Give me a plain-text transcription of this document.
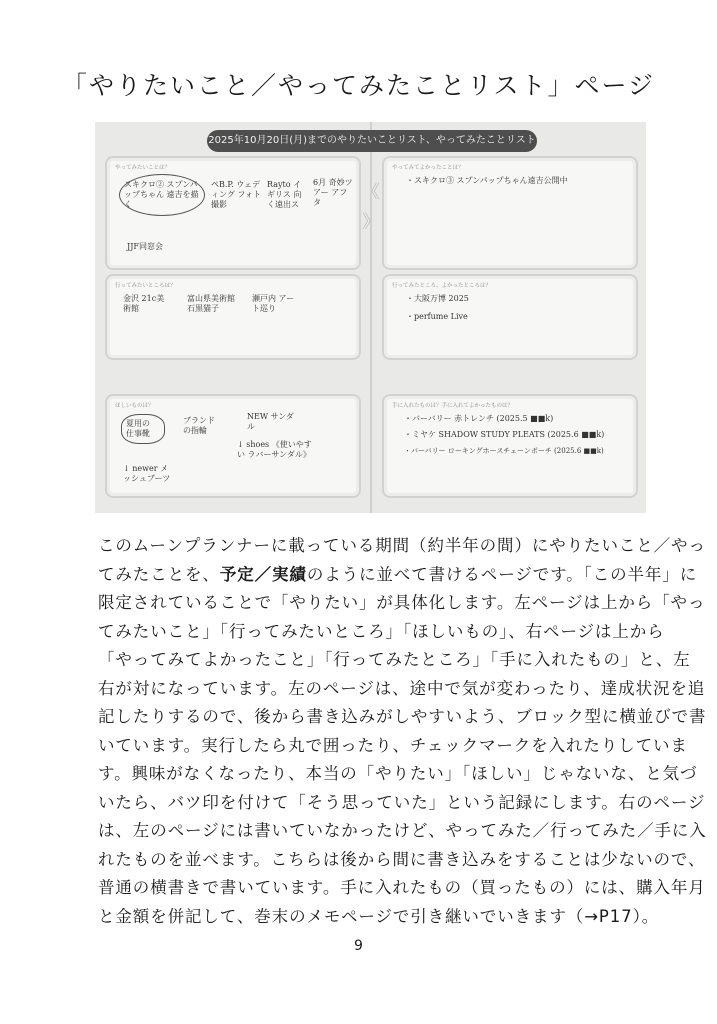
「やりたいこと／やってみたことリスト」ページ
2025年10月20日(月)までのやりたいことリスト、やってみたことリスト
やってみたいことは？
スキクロ② スプンパップちゃん 遠吉を描く
ペB.P. ウェディング フォト撮影
Rayto イギリス 向く遠出ス
6月 奇妙ツアー アフタ
JJF同窓会
行ってみたいところは？
金沢 21c美術館
富山県美術館 石黒猫子
瀬戸内 アート巡り
ほしいものは？
夏用の 仕事靴
↓ newer メッシュブーツ
ブランド の指輪
NEW サンダル
↓ shoes 《使いやすい ラバーサンダル》
やってみてよかったことは？
・スキクロ③ スプンパップちゃん遠吉公開中
行ってみたところ、よかったところは？
・大阪万博 2025
・perfume Live
手に入れたものは？手に入れてよかったものは？
・バーバリー 赤トレンチ (2025.5 ■■k)
・ミヤケ SHADOW STUDY PLEATS (2025.6 ■■k)
・バーバリー ローキングホースチェーンポーチ (2025.6 ■■k)
《
》
このムーンプランナーに載っている期間（約半年の間）にやりたいこと／やっ
てみたことを、予定／実績のように並べて書けるページです。「この半年」に
限定されていることで「やりたい」が具体化します。左ページは上から「やっ
てみたいこと」「行ってみたいところ」「ほしいもの」、右ページは上から
「やってみてよかったこと」「行ってみたところ」「手に入れたもの」と、左
右が対になっています。左のページは、途中で気が変わったり、達成状況を追
記したりするので、後から書き込みがしやすいよう、ブロック型に横並びで書
いています。実行したら丸で囲ったり、チェックマークを入れたりしていま
す。興味がなくなったり、本当の「やりたい」「ほしい」じゃないな、と気づ
いたら、バツ印を付けて「そう思っていた」という記録にします。右のページ
は、左のページには書いていなかったけど、やってみた／行ってみた／手に入
れたものを並べます。こちらは後から間に書き込みをすることは少ないので、
普通の横書きで書いています。手に入れたもの（買ったもの）には、購入年月
と金額を併記して、巻末のメモページで引き継いでいきます（→P17）。
9
